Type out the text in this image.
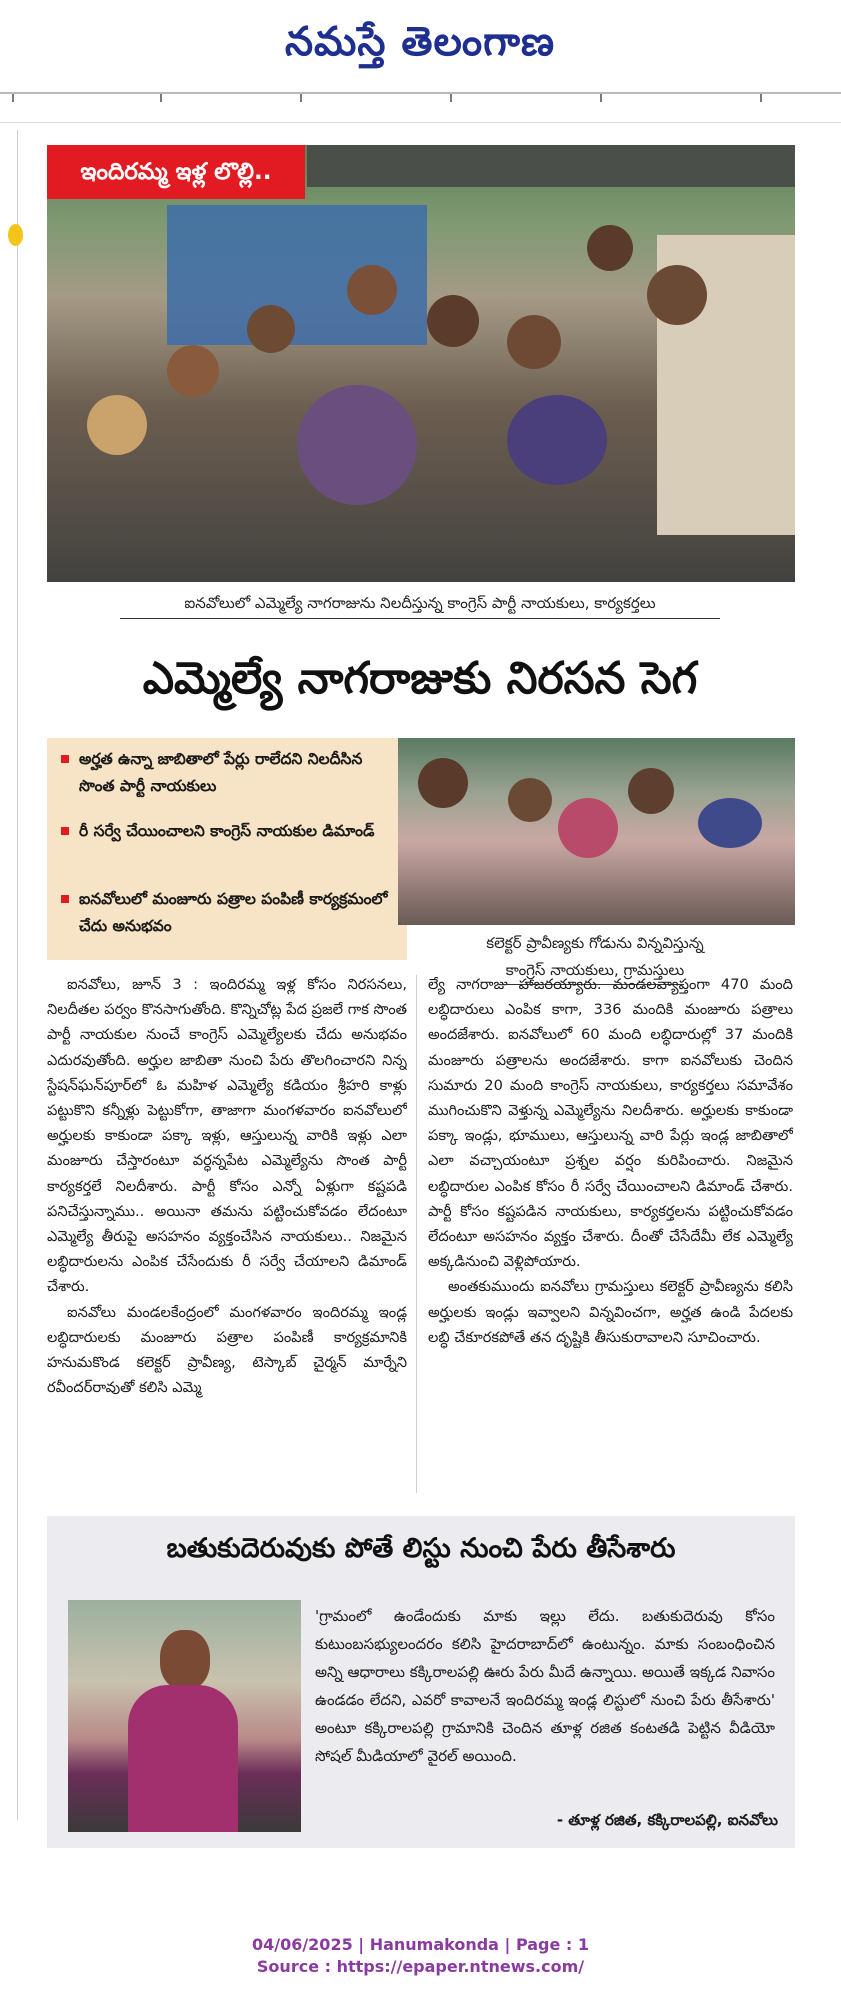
నమస్తే తెలంగాణ
ఇందిరమ్మ ఇళ్ల లొల్లి..
ఐనవోలులో ఎమ్మెల్యే నాగరాజును నిలదీస్తున్న కాంగ్రెస్ పార్టీ నాయకులు, కార్యకర్తలు
ఎమ్మెల్యే నాగరాజుకు నిరసన సెగ
అర్హత ఉన్నా జాబితాలో పేర్లు రాలేదని నిలదీసిన సొంత పార్టీ నాయకులు
రీ సర్వే చేయించాలని కాంగ్రెస్ నాయకుల డిమాండ్
ఐనవోలులో మంజూరు పత్రాల పంపిణీ కార్యక్రమంలో చేదు అనుభవం
కలెక్టర్ ప్రావీణ్యకు గోడును విన్నవిస్తున్న
కాంగ్రెస్ నాయకులు, గ్రామస్తులు

ఐనవోలు, జూన్ 3 : ఇందిరమ్మ ఇళ్ల కోసం నిరసనలు, నిలదీతల పర్వం కొనసాగుతోంది. కొన్నిచోట్ల పేద ప్రజలే గాక సొంత పార్టీ నాయకుల నుంచే కాంగ్రెస్ ఎమ్మెల్యేలకు చేదు అనుభవం ఎదురవుతోంది. అర్హుల జాబితా నుంచి పేరు తొలగించారని నిన్న స్టేషన్‌ఘన్‌పూర్‌లో ఓ మహిళ ఎమ్మెల్యే కడియం శ్రీహరి కాళ్లు పట్టుకొని కన్నీళ్లు పెట్టుకోగా, తాజాగా మంగళవారం ఐనవోలులో అర్హులకు కాకుండా పక్కా ఇళ్లు, ఆస్తులున్న వారికి ఇళ్లు ఎలా మంజూరు చేస్తారంటూ వర్ధన్నపేట ఎమ్మెల్యేను సొంత పార్టీ కార్యకర్తలే నిలదీశారు. పార్టీ కోసం ఎన్నో ఏళ్లుగా కష్టపడి పనిచేస్తున్నాము.. అయినా తమను పట్టించుకోవడం లేదంటూ ఎమ్మెల్యే తీరుపై అసహనం వ్యక్తంచేసిన నాయకులు.. నిజమైన లబ్ధిదారులను ఎంపిక చేసేందుకు రీ సర్వే చేయాలని డిమాండ్ చేశారు.

ఐనవోలు మండలకేంద్రంలో మంగళవారం ఇందిరమ్మ ఇండ్ల లబ్ధిదారులకు మంజూరు పత్రాల పంపిణీ కార్యక్రమానికి హనుమకొండ కలెక్టర్ ప్రావీణ్య, టెస్కాబ్ చైర్మన్ మార్నేని రవీందర్‌రావుతో కలిసి ఎమ్మె

ల్యే నాగరాజు హాజరయ్యారు. మండలవ్యాప్తంగా 470 మంది లబ్ధిదారులు ఎంపిక కాగా, 336 మందికి మంజూరు పత్రాలు అందజేశారు. ఐనవోలులో 60 మంది లబ్ధిదారుల్లో 37 మందికి మంజూరు పత్రాలను అందజేశారు. కాగా ఐనవోలుకు చెందిన సుమారు 20 మంది కాంగ్రెస్ నాయకులు, కార్యకర్తలు సమావేశం ముగించుకొని వెళ్తున్న ఎమ్మెల్యేను నిలదీశారు. అర్హులకు కాకుండా పక్కా ఇండ్లు, భూములు, ఆస్తులున్న వారి పేర్లు ఇండ్ల జాబితాలో ఎలా వచ్చాయంటూ ప్రశ్నల వర్షం కురిపించారు. నిజమైన లబ్ధిదారుల ఎంపిక కోసం రీ సర్వే చేయించాలని డిమాండ్ చేశారు. పార్టీ కోసం కష్టపడిన నాయకులు, కార్యకర్తలను పట్టించుకోవడం లేదంటూ అసహనం వ్యక్తం చేశారు. దీంతో చేసేదేమీ లేక ఎమ్మెల్యే అక్కడినుంచి వెళ్లిపోయారు.

అంతకుముందు ఐనవోలు గ్రామస్తులు కలెక్టర్ ప్రావీణ్యను కలిసి అర్హులకు ఇండ్లు ఇవ్వాలని విన్నవించగా, అర్హత ఉండి పేదలకు లబ్ధి చేకూరకపోతే తన దృష్టికి తీసుకురావాలని సూచించారు.

బతుకుదెరువుకు పోతే లిస్టు నుంచి పేరు తీసేశారు
'గ్రామంలో ఉండేందుకు మాకు ఇల్లు లేదు. బతుకుదెరువు కోసం కుటుంబసభ్యులందరం కలిసి హైదరాబాద్‌లో ఉంటున్నం. మాకు సంబంధించిన అన్ని ఆధారాలు కక్కిరాలపల్లి ఊరు పేరు మీదే ఉన్నాయి. అయితే ఇక్కడ నివాసం ఉండడం లేదని, ఎవరో కావాలనే ఇందిరమ్మ ఇండ్ల లిస్టులో నుంచి పేరు తీసేశారు' అంటూ కక్కిరాలపల్లి గ్రామానికి చెందిన తూళ్ల రజిత కంటతడి పెట్టిన వీడియో సోషల్ మీడియాలో వైరల్ అయింది.
- తూళ్ల రజిత, కక్కిరాలపల్లి, ఐనవోలు
04/06/2025 | Hanumakonda | Page : 1
Source : https://epaper.ntnews.com/
